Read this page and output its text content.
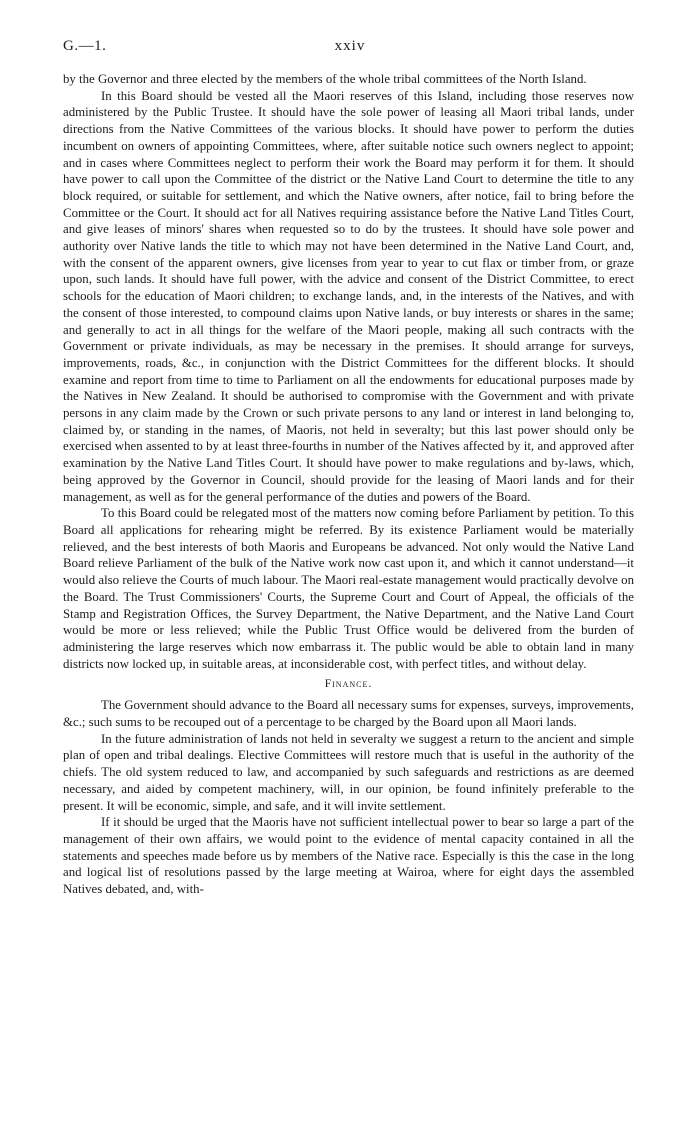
G.—1.	xxiv

by the Governor and three elected by the members of the whole tribal committees of the North Island.

In this Board should be vested all the Maori reserves of this Island, including those reserves now administered by the Public Trustee. It should have the sole power of leasing all Maori tribal lands, under directions from the Native Committees of the various blocks. It should have power to perform the duties incumbent on owners of appointing Committees, where, after suitable notice such owners neglect to appoint; and in cases where Committees neglect to perform their work the Board may perform it for them. It should have power to call upon the Committee of the district or the Native Land Court to determine the title to any block required, or suitable for settlement, and which the Native owners, after notice, fail to bring before the Committee or the Court. It should act for all Natives requiring assistance before the Native Land Titles Court, and give leases of minors' shares when requested so to do by the trustees. It should have sole power and authority over Native lands the title to which may not have been determined in the Native Land Court, and, with the consent of the apparent owners, give licenses from year to year to cut flax or timber from, or graze upon, such lands. It should have full power, with the advice and consent of the District Committee, to erect schools for the education of Maori children; to exchange lands, and, in the interests of the Natives, and with the consent of those interested, to compound claims upon Native lands, or buy interests or shares in the same; and generally to act in all things for the welfare of the Maori people, making all such contracts with the Government or private individuals, as may be necessary in the premises. It should arrange for surveys, improvements, roads, &c., in conjunction with the District Committees for the different blocks. It should examine and report from time to time to Parliament on all the endowments for educational purposes made by the Natives in New Zealand. It should be authorised to compromise with the Government and with private persons in any claim made by the Crown or such private persons to any land or interest in land belonging to, claimed by, or standing in the names, of Maoris, not held in severalty; but this last power should only be exercised when assented to by at least three-fourths in number of the Natives affected by it, and approved after examination by the Native Land Titles Court. It should have power to make regulations and by-laws, which, being approved by the Governor in Council, should provide for the leasing of Maori lands and for their management, as well as for the general performance of the duties and powers of the Board.

To this Board could be relegated most of the matters now coming before Parliament by petition. To this Board all applications for rehearing might be referred. By its existence Parliament would be materially relieved, and the best interests of both Maoris and Europeans be advanced. Not only would the Native Land Board relieve Parliament of the bulk of the Native work now cast upon it, and which it cannot understand—it would also relieve the Courts of much labour. The Maori real-estate management would practically devolve on the Board. The Trust Commissioners' Courts, the Supreme Court and Court of Appeal, the officials of the Stamp and Registration Offices, the Survey Department, the Native Department, and the Native Land Court would be more or less relieved; while the Public Trust Office would be delivered from the burden of administering the large reserves which now embarrass it. The public would be able to obtain land in many districts now locked up, in suitable areas, at inconsiderable cost, with perfect titles, and without delay.

Finance.

The Government should advance to the Board all necessary sums for expenses, surveys, improvements, &c.; such sums to be recouped out of a percentage to be charged by the Board upon all Maori lands.

In the future administration of lands not held in severalty we suggest a return to the ancient and simple plan of open and tribal dealings. Elective Committees will restore much that is useful in the authority of the chiefs. The old system reduced to law, and accompanied by such safeguards and restrictions as are deemed necessary, and aided by competent machinery, will, in our opinion, be found infinitely preferable to the present. It will be economic, simple, and safe, and it will invite settlement.

If it should be urged that the Maoris have not sufficient intellectual power to bear so large a part of the management of their own affairs, we would point to the evidence of mental capacity contained in all the statements and speeches made before us by members of the Native race. Especially is this the case in the long and logical list of resolutions passed by the large meeting at Wairoa, where for eight days the assembled Natives debated, and, with-
